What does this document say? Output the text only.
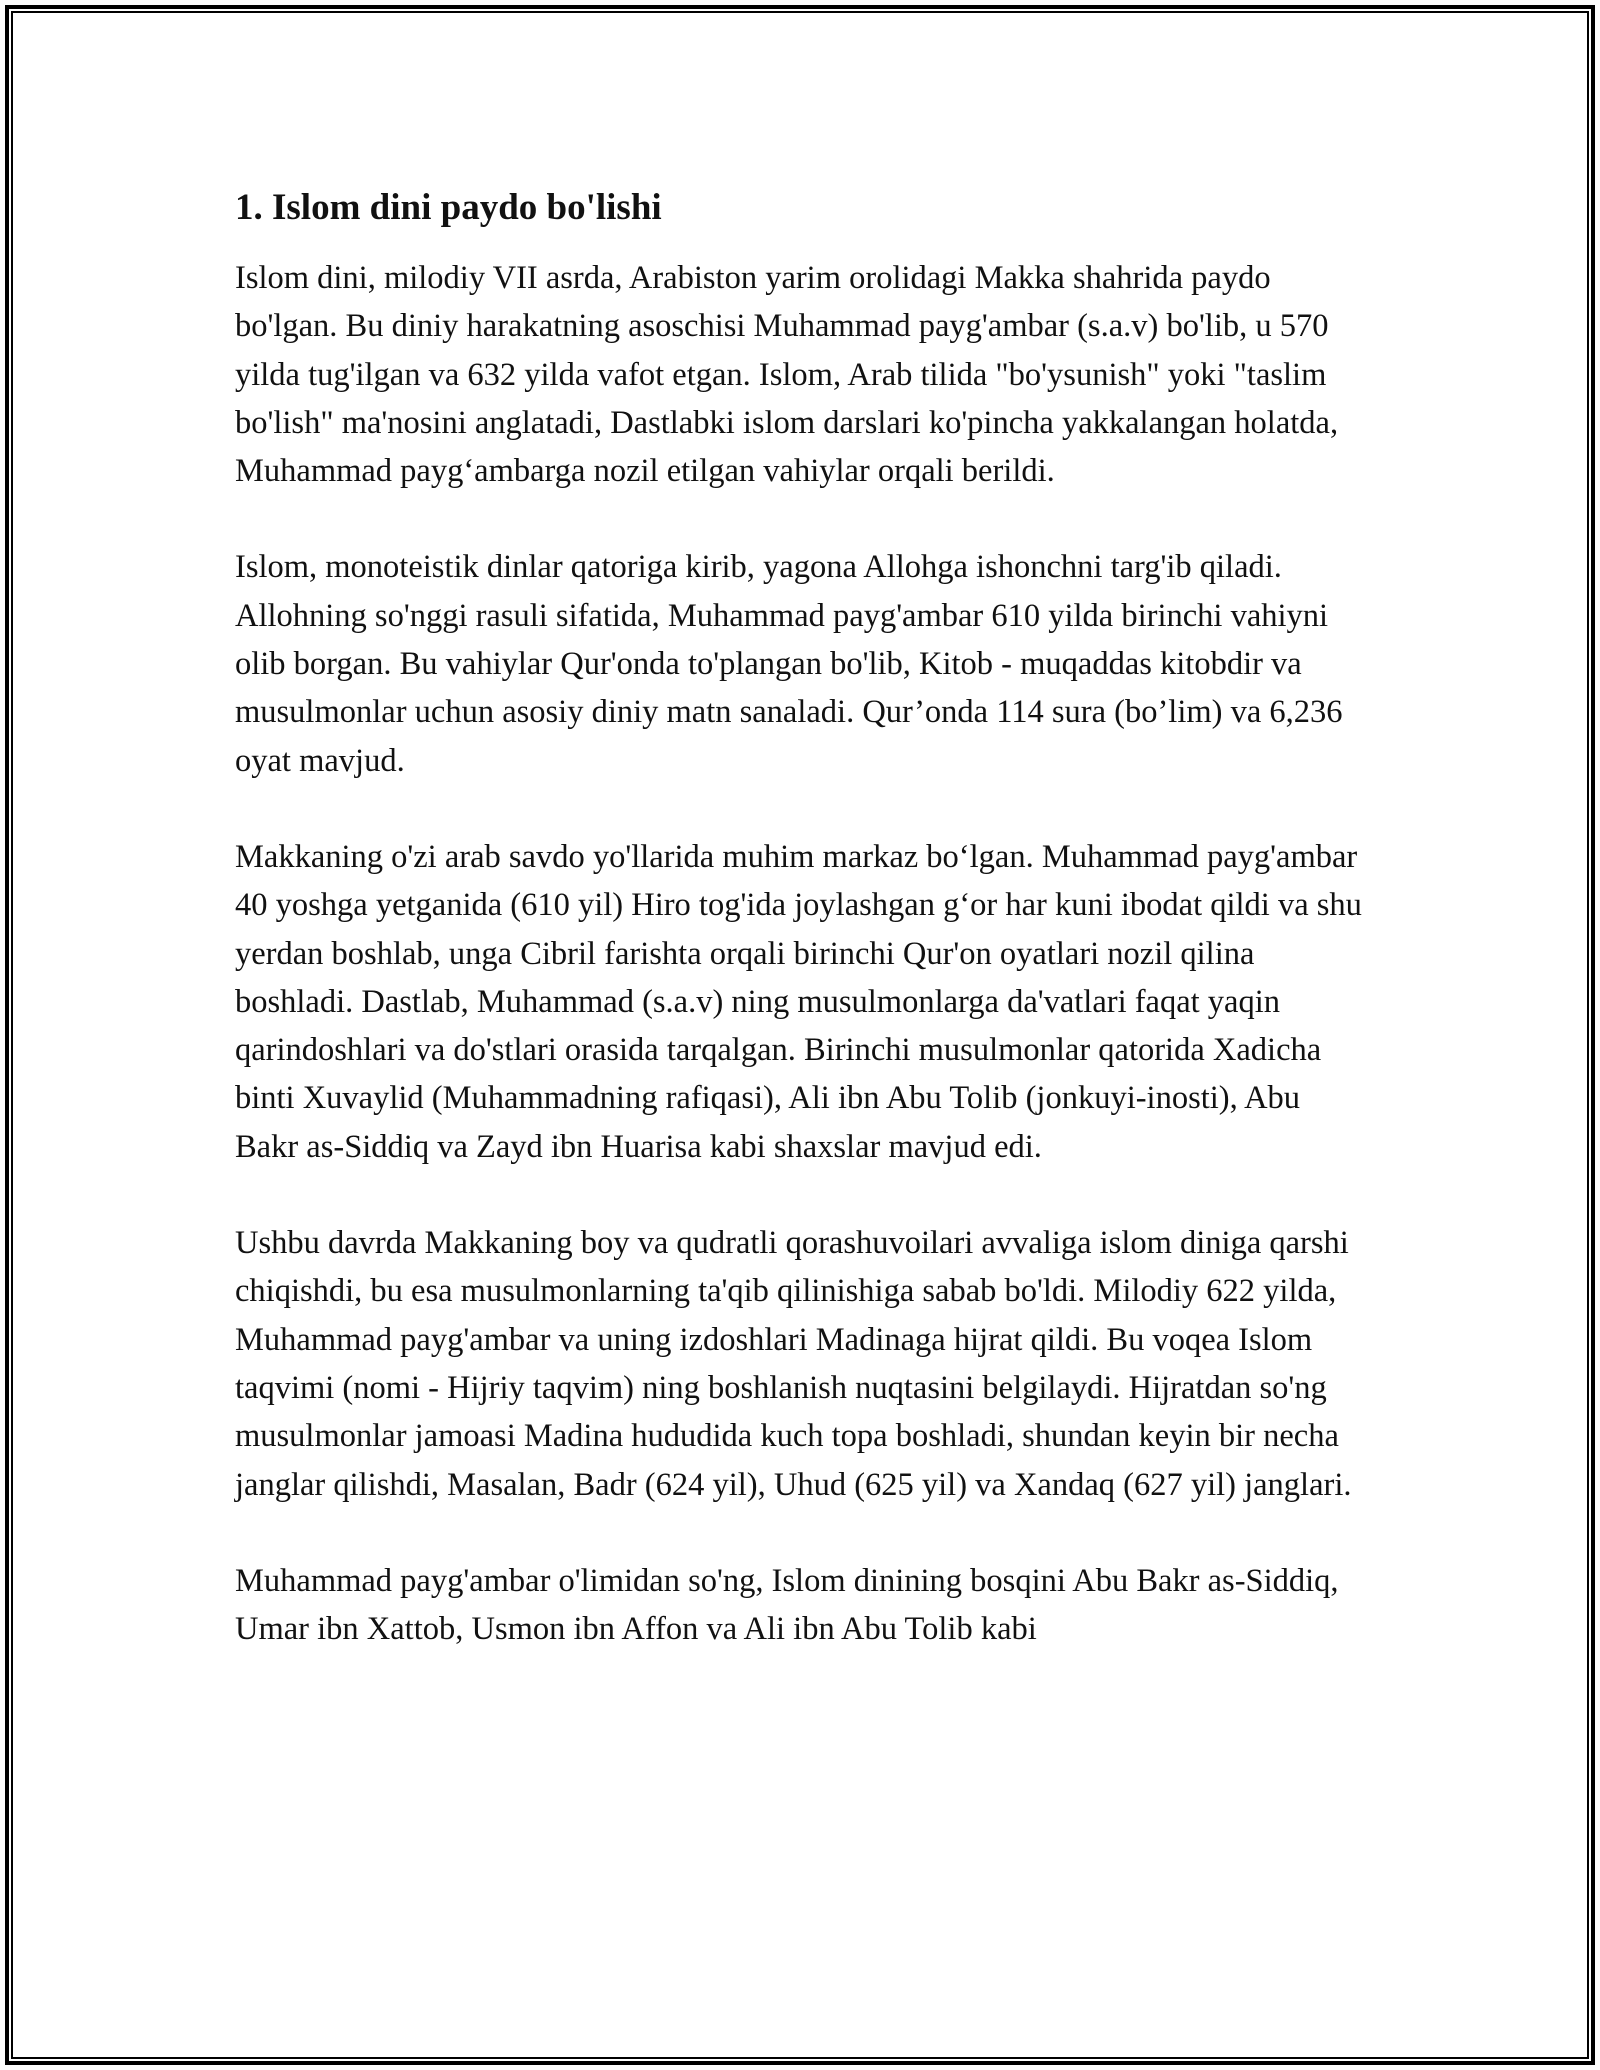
1. Islom dini paydo bo'lishi

Islom dini, milodiy VII asrda, Arabiston yarim orolidagi Makka shahrida paydo bo'lgan. Bu diniy harakatning asoschisi Muhammad payg'ambar (s.a.v) bo'lib, u 570 yilda tug'ilgan va 632 yilda vafot etgan. Islom, Arab tilida "bo'ysunish" yoki "taslim bo'lish" ma'nosini anglatadi, Dastlabki islom darslari ko'pincha yakkalangan holatda, Muhammad payg‘ambarga nozil etilgan vahiylar orqali berildi.

Islom, monoteistik dinlar qatoriga kirib, yagona Allohga ishonchni targ'ib qiladi. Allohning so'nggi rasuli sifatida, Muhammad payg'ambar 610 yilda birinchi vahiyni olib borgan. Bu vahiylar Qur'onda to'plangan bo'lib, Kitob - muqaddas kitobdir va musulmonlar uchun asosiy diniy matn sanaladi. Qur’onda 114 sura (bo’lim) va 6,236 oyat mavjud.

Makkaning o'zi arab savdo yo'llarida muhim markaz bo‘lgan. Muhammad payg'ambar 40 yoshga yetganida (610 yil) Hiro tog'ida joylashgan g‘or har kuni ibodat qildi va shu yerdan boshlab, unga Cibril farishta orqali birinchi Qur'on oyatlari nozil qilina boshladi. Dastlab, Muhammad (s.a.v) ning musulmonlarga da'vatlari faqat yaqin qarindoshlari va do'stlari orasida tarqalgan. Birinchi musulmonlar qatorida Xadicha binti Xuvaylid (Muhammadning rafiqasi), Ali ibn Abu Tolib (jonkuyi-inosti), Abu Bakr as-Siddiq va Zayd ibn Huarisa kabi shaxslar mavjud edi.

Ushbu davrda Makkaning boy va qudratli qorashuvoilari avvaliga islom diniga qarshi chiqishdi, bu esa musulmonlarning ta'qib qilinishiga sabab bo'ldi. Milodiy 622 yilda, Muhammad payg'ambar va uning izdoshlari Madinaga hijrat qildi. Bu voqea Islom taqvimi (nomi - Hijriy taqvim) ning boshlanish nuqtasini belgilaydi. Hijratdan so'ng musulmonlar jamoasi Madina hududida kuch topa boshladi, shundan keyin bir necha janglar qilishdi, Masalan, Badr (624 yil), Uhud (625 yil) va Xandaq (627 yil) janglari.

Muhammad payg'ambar o'limidan so'ng, Islom dinining bosqini Abu Bakr as-Siddiq, Umar ibn Xattob, Usmon ibn Affon va Ali ibn Abu Tolib kabi
